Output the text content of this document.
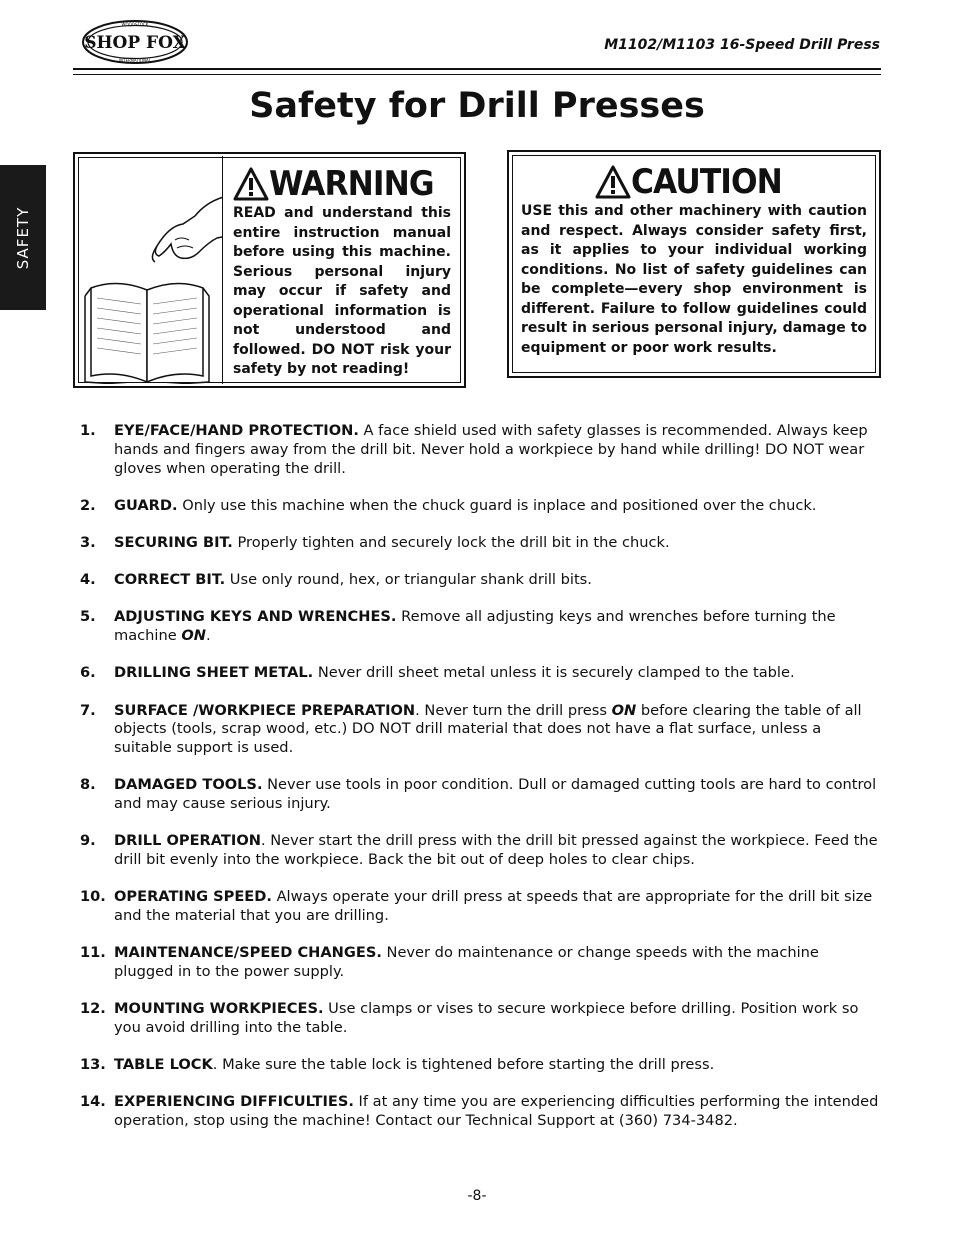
SHOP FOX
WOODSTOCK
INTERNATIONAL
M1102/M1103 16-Speed Drill Press
SAFETY
Safety for Drill Presses
WARNING
READ and understand this entire instruction manual before using this machine. Serious personal injury may occur if safety and operational information is not understood and followed. DO NOT risk your safety by not reading!
CAUTION
USE this and other machinery with caution and respect. Always consider safety first, as it applies to your individual working conditions. No list of safety guidelines can be complete—every shop environment is different. Failure to follow guidelines could result in serious personal injury, damage to equipment or poor work results.
1. EYE/FACE/HAND PROTECTION. A face shield used with safety glasses is recommended. Always keep hands and fingers away from the drill bit. Never hold a workpiece by hand while drilling! DO NOT wear gloves when operating the drill.
2. GUARD. Only use this machine when the chuck guard is inplace and positioned over the chuck.
3. SECURING BIT. Properly tighten and securely lock the drill bit in the chuck.
4. CORRECT BIT. Use only round, hex, or triangular shank drill bits.
5. ADJUSTING KEYS AND WRENCHES. Remove all adjusting keys and wrenches before turning the machine ON.
6. DRILLING SHEET METAL. Never drill sheet metal unless it is securely clamped to the table.
7. SURFACE /WORKPIECE PREPARATION. Never turn the drill press ON before clearing the table of all objects (tools, scrap wood, etc.) DO NOT drill material that does not have a flat surface, unless a suitable support is used.
8. DAMAGED TOOLS. Never use tools in poor condition. Dull or damaged cutting tools are hard to control and may cause serious injury.
9. DRILL OPERATION. Never start the drill press with the drill bit pressed against the workpiece. Feed the drill bit evenly into the workpiece. Back the bit out of deep holes to clear chips.
10. OPERATING SPEED. Always operate your drill press at speeds that are appropriate for the drill bit size and the material that you are drilling.
11. MAINTENANCE/SPEED CHANGES. Never do maintenance or change speeds with the machine plugged in to the power supply.
12. MOUNTING WORKPIECES. Use clamps or vises to secure workpiece before drilling. Position work so you avoid drilling into the table.
13. TABLE LOCK. Make sure the table lock is tightened before starting the drill press.
14. EXPERIENCING DIFFICULTIES. If at any time you are experiencing difficulties performing the intended operation, stop using the machine! Contact our Technical Support at (360) 734-3482.
-8-
